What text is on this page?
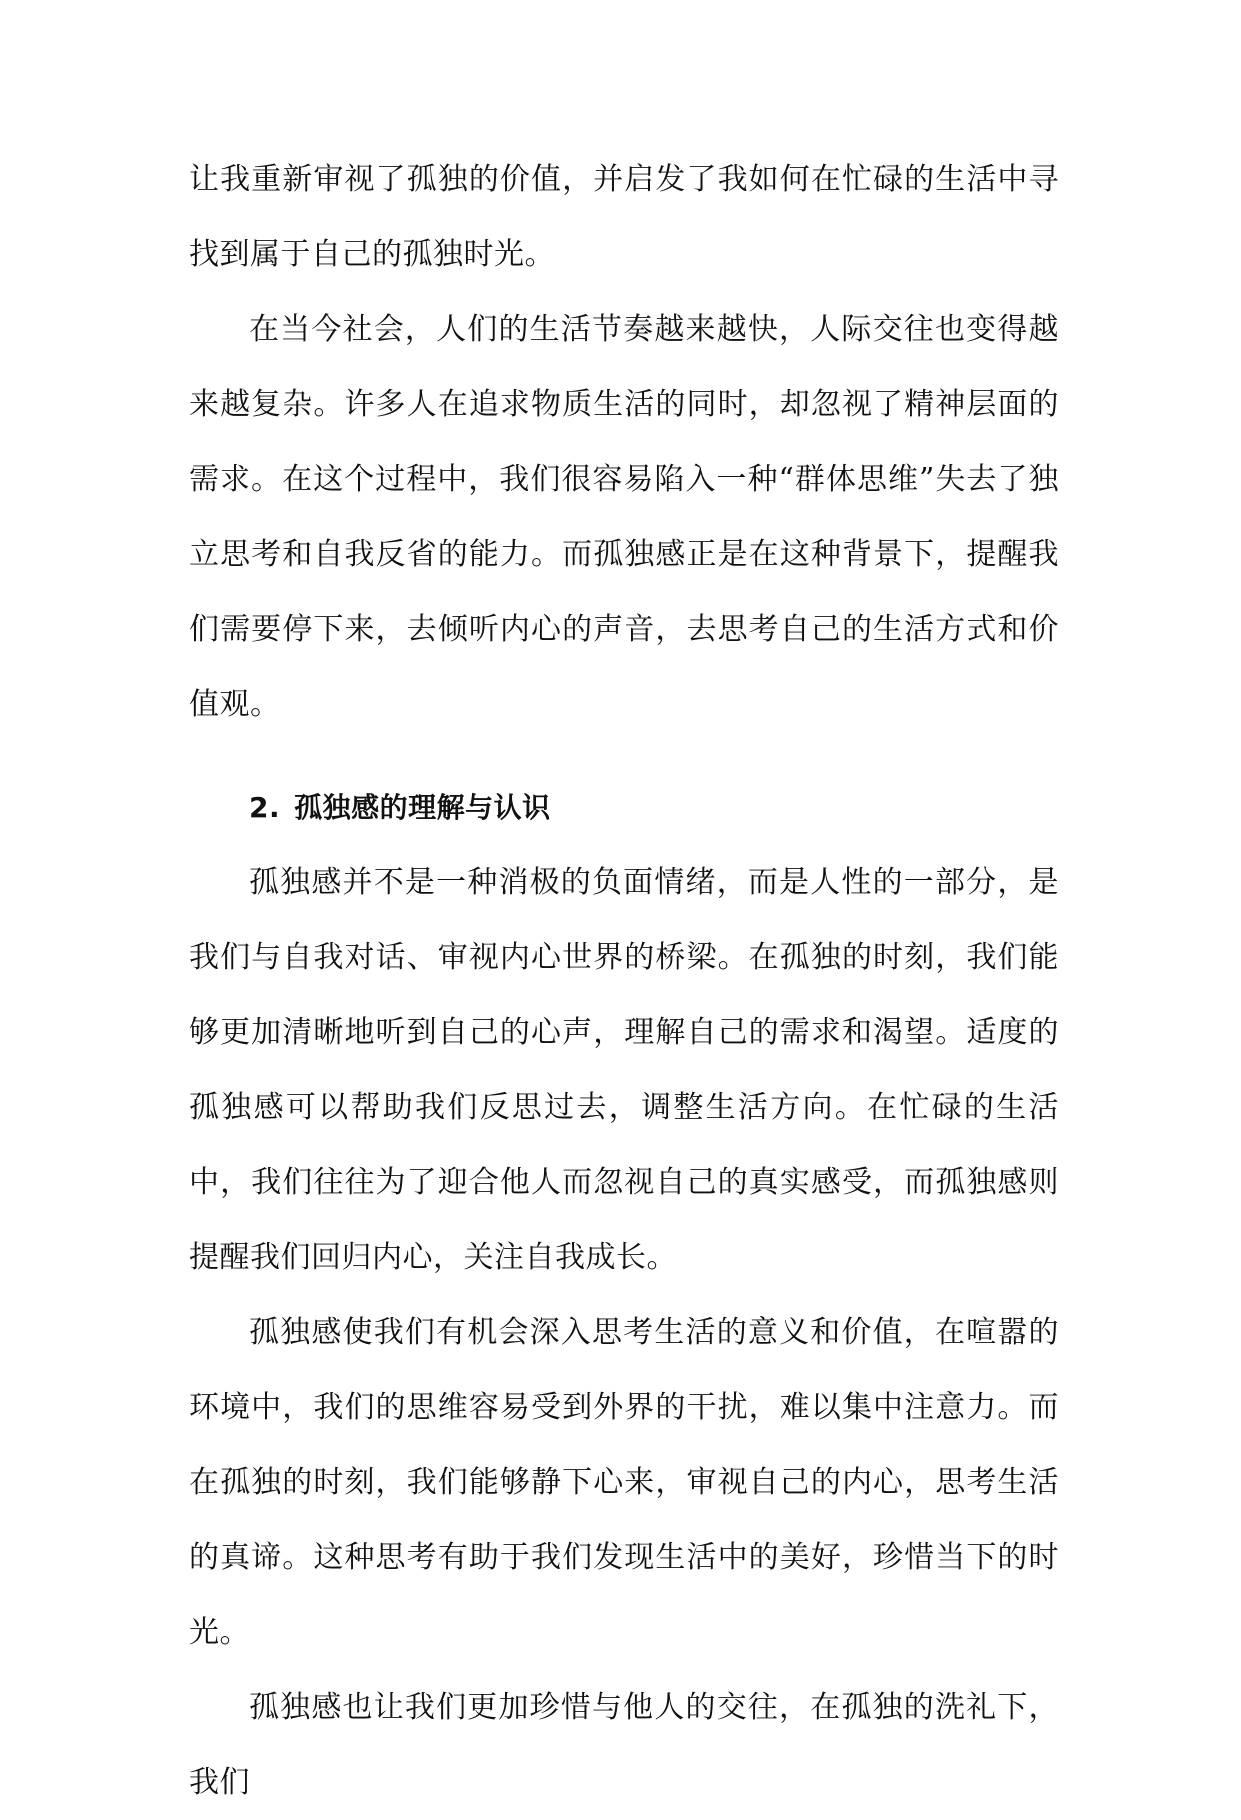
让我重新审视了孤独的价值，并启发了我如何在忙碌的生活中寻找到属于自己的孤独时光。

在当今社会，人们的生活节奏越来越快，人际交往也变得越来越复杂。许多人在追求物质生活的同时，却忽视了精神层面的需求。在这个过程中，我们很容易陷入一种“群体思维”失去了独立思考和自我反省的能力。而孤独感正是在这种背景下，提醒我们需要停下来，去倾听内心的声音，去思考自己的生活方式和价值观。

2. 孤独感的理解与认识

孤独感并不是一种消极的负面情绪，而是人性的一部分，是我们与自我对话、审视内心世界的桥梁。在孤独的时刻，我们能够更加清晰地听到自己的心声，理解自己的需求和渴望。适度的孤独感可以帮助我们反思过去，调整生活方向。在忙碌的生活中，我们往往为了迎合他人而忽视自己的真实感受，而孤独感则提醒我们回归内心，关注自我成长。

孤独感使我们有机会深入思考生活的意义和价值，在喧嚣的环境中，我们的思维容易受到外界的干扰，难以集中注意力。而在孤独的时刻，我们能够静下心来，审视自己的内心，思考生活的真谛。这种思考有助于我们发现生活中的美好，珍惜当下的时光。

孤独感也让我们更加珍惜与他人的交往，在孤独的洗礼下，我们
